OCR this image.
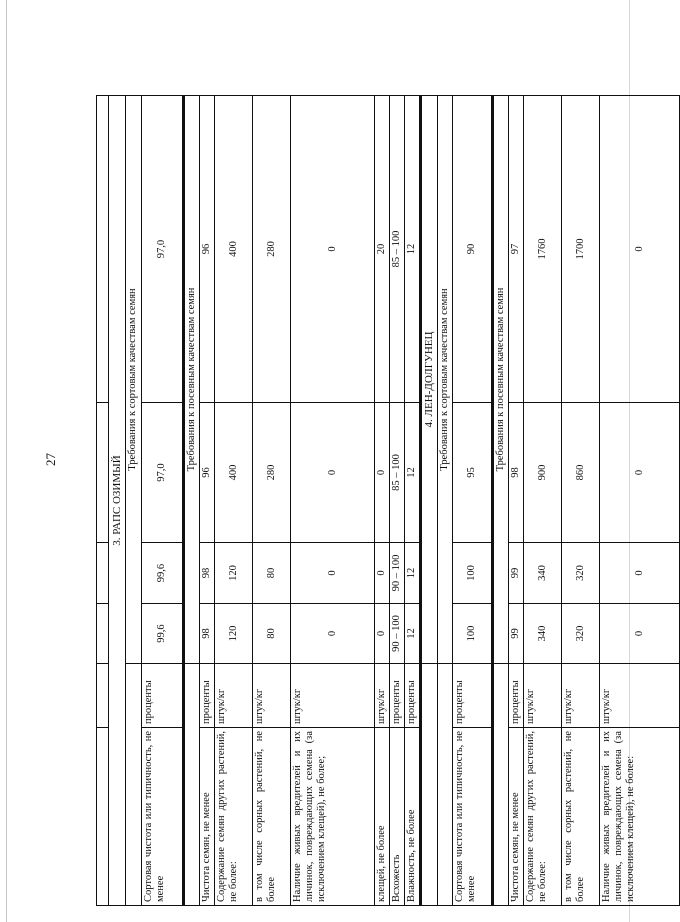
27
						3. РАПС ОЗИМЫЙ					
		Требования к сортовым качествам семян			
Сортовая чистота или типичность, не менее	проценты	99,6	99,6	97,0	97,0
		Требования к посевным качествам семян			
Чистота семян, не менее	проценты	98	98	96	96
Содержание семян других растений, не более:	штук/кг	120	120	400	400
в том числе сорных растений, не более	штук/кг	80	80	280	280
Наличие живых вредителей и их личинок, повреждающих семена (за исключением клещей), не более;	штук/кг	0	0	0	0
клещей, не более	штук/кг	0	0	0	20
Всхожесть	проценты	90 – 100	90 – 100	85 – 100	85 – 100
Влажность, не более	проценты	12	12	12	12
		4. ЛЕН-ДОЛГУНЕЦ			
		Требования к сортовым качествам семян			
Сортовая чистота или типичность, не менее	проценты	100	100	95	90
		Требования к посевным качествам семян			
Чистота семян, не менее	проценты	99	99	98	97
Содержание семян других растений, не более:	штук/кг	340	340	900	1760
в том числе сорных растений, не более	штук/кг	320	320	860	1700
Наличие живых вредителей и их личинок, повреждающих семена (за исключением клещей), не более:	штук/кг	0	0	0	0
